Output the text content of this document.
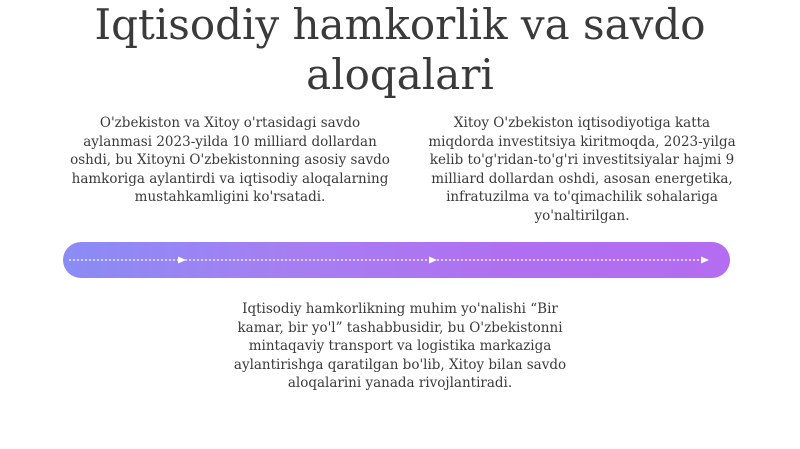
Iqtisodiy hamkorlik va savdo aloqalari

O'zbekiston va Xitoy o'rtasidagi savdo aylanmasi 2023-yilda 10 milliard dollardan oshdi, bu Xitoyni O'zbekistonning asosiy savdo hamkoriga aylantirdi va iqtisodiy aloqalarning mustahkamligini ko'rsatadi.

Xitoy O'zbekiston iqtisodiyotiga katta miqdorda investitsiya kiritmoqda, 2023-yilga kelib to'g'ridan-to'g'ri investitsiyalar hajmi 9 milliard dollardan oshdi, asosan energetika, infratuzilma va to'qimachilik sohalariga yo'naltirilgan.

Iqtisodiy hamkorlikning muhim yo'nalishi “Bir kamar, bir yo'l” tashabbusidir, bu O'zbekistonni mintaqaviy transport va logistika markaziga aylantirishga qaratilgan bo'lib, Xitoy bilan savdo aloqalarini yanada rivojlantiradi.
